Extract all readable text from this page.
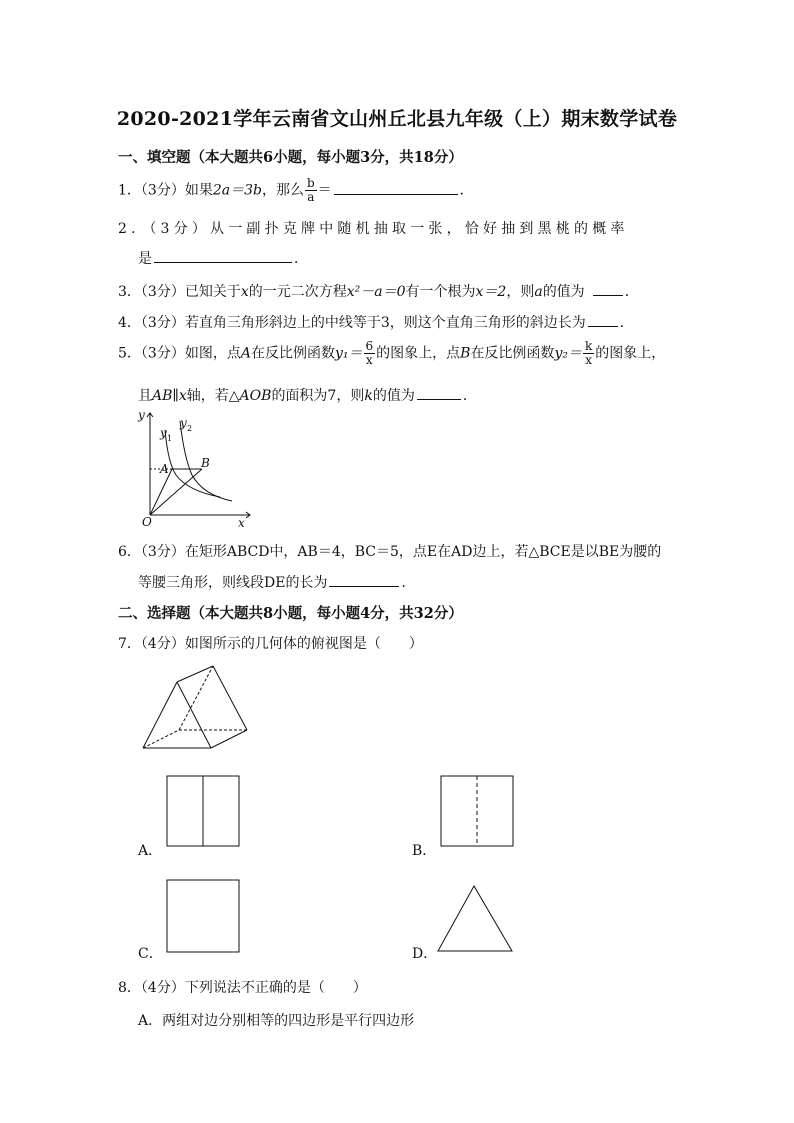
2020-2021学年云南省文山州丘北县九年级（上）期末数学试卷
一、填空题（本大题共6小题，每小题3分，共18分）
1．（3分）如果2a＝3b，那么 $\frac{b}{a}$ ＝	．
2．（3分）从一副扑克牌中随机抽取一张，恰好抽到黑桃的概率
是	．
3．（3分）已知关于x的一元二次方程x²－a＝0有一个根为x＝2，则a的值为	．
4．（3分）若直角三角形斜边上的中线等于3，则这个直角三角形的斜边长为 ．
5．（3分）如图，点A在反比例函数$y_1= \frac{6}{x}$ 的图象上，点B在反比例函数$y_2= \frac{k}{x}$ 的图象上，
且AB∥x轴，若△AOB的面积为7，则k的值为	．
y
x
O
y 1
y 2
A	B
6．（3分）在矩形ABCD中，AB＝4，BC＝5，点E在AD边上，若△BCE是以BE为腰的
等腰三角形，则线段DE的长为	．
二、选择题（本大题共8小题，每小题4分，共32分）
7．（4分）如图所示的几何体的俯视图是（　　）
A．	B．
C．	D．
8．（4分）下列说法不正确的是（　　）
A．两组对边分别相等的四边形是平行四边形
